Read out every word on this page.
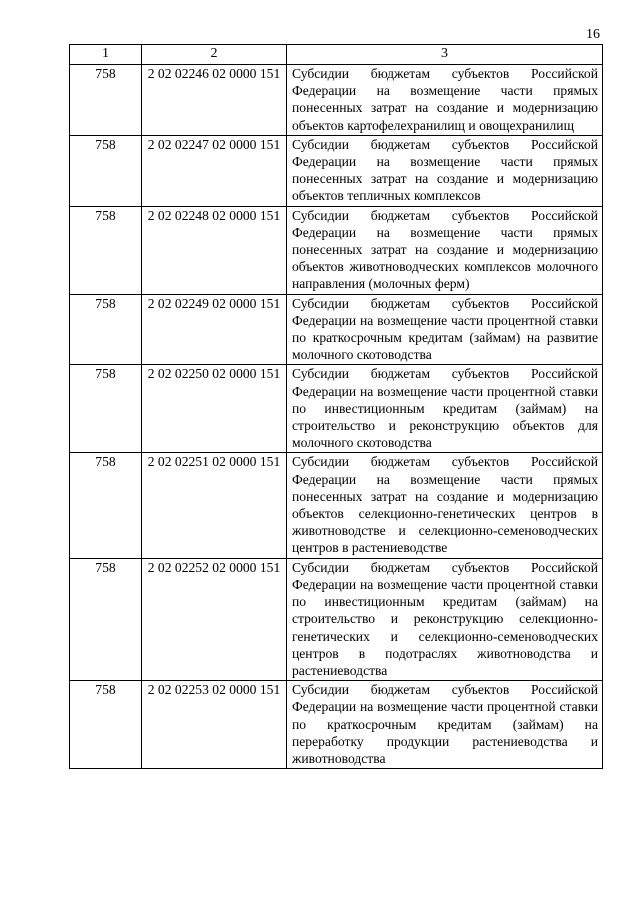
16
1	2	3
758	2 02 02246 02 0000 151	Субсидии бюджетам субъектов Российской Федерации на возмещение части прямых понесенных затрат на создание и модернизацию объектов картофелехранилищ и овощехранилищ
758	2 02 02247 02 0000 151	Субсидии бюджетам субъектов Российской Федерации на возмещение части прямых понесенных затрат на создание и модернизацию объектов тепличных комплексов
758	2 02 02248 02 0000 151	Субсидии бюджетам субъектов Российской Федерации на возмещение части прямых понесенных затрат на создание и модернизацию объектов животноводческих комплексов молочного направления (молочных ферм)
758	2 02 02249 02 0000 151	Субсидии бюджетам субъектов Российской Федерации на возмещение части процентной ставки по краткосрочным кредитам (займам) на развитие молочного скотоводства
758	2 02 02250 02 0000 151	Субсидии бюджетам субъектов Российской Федерации на возмещение части процентной ставки по инвестиционным кредитам (займам) на строительство и реконструкцию объектов для молочного скотоводства
758	2 02 02251 02 0000 151	Субсидии бюджетам субъектов Российской Федерации на возмещение части прямых понесенных затрат на создание и модернизацию объектов селекционно-генетических центров в животноводстве и селекционно-семеноводческих центров в растениеводстве
758	2 02 02252 02 0000 151	Субсидии бюджетам субъектов Российской Федерации на возмещение части процентной ставки по инвестиционным кредитам (займам) на строительство и реконструкцию селекционно-генетических и селекционно-семеноводческих центров в подотраслях животноводства и растениеводства
758	2 02 02253 02 0000 151	Субсидии бюджетам субъектов Российской Федерации на возмещение части процентной ставки по краткосрочным кредитам (займам) на переработку продукции растениеводства и животноводства
